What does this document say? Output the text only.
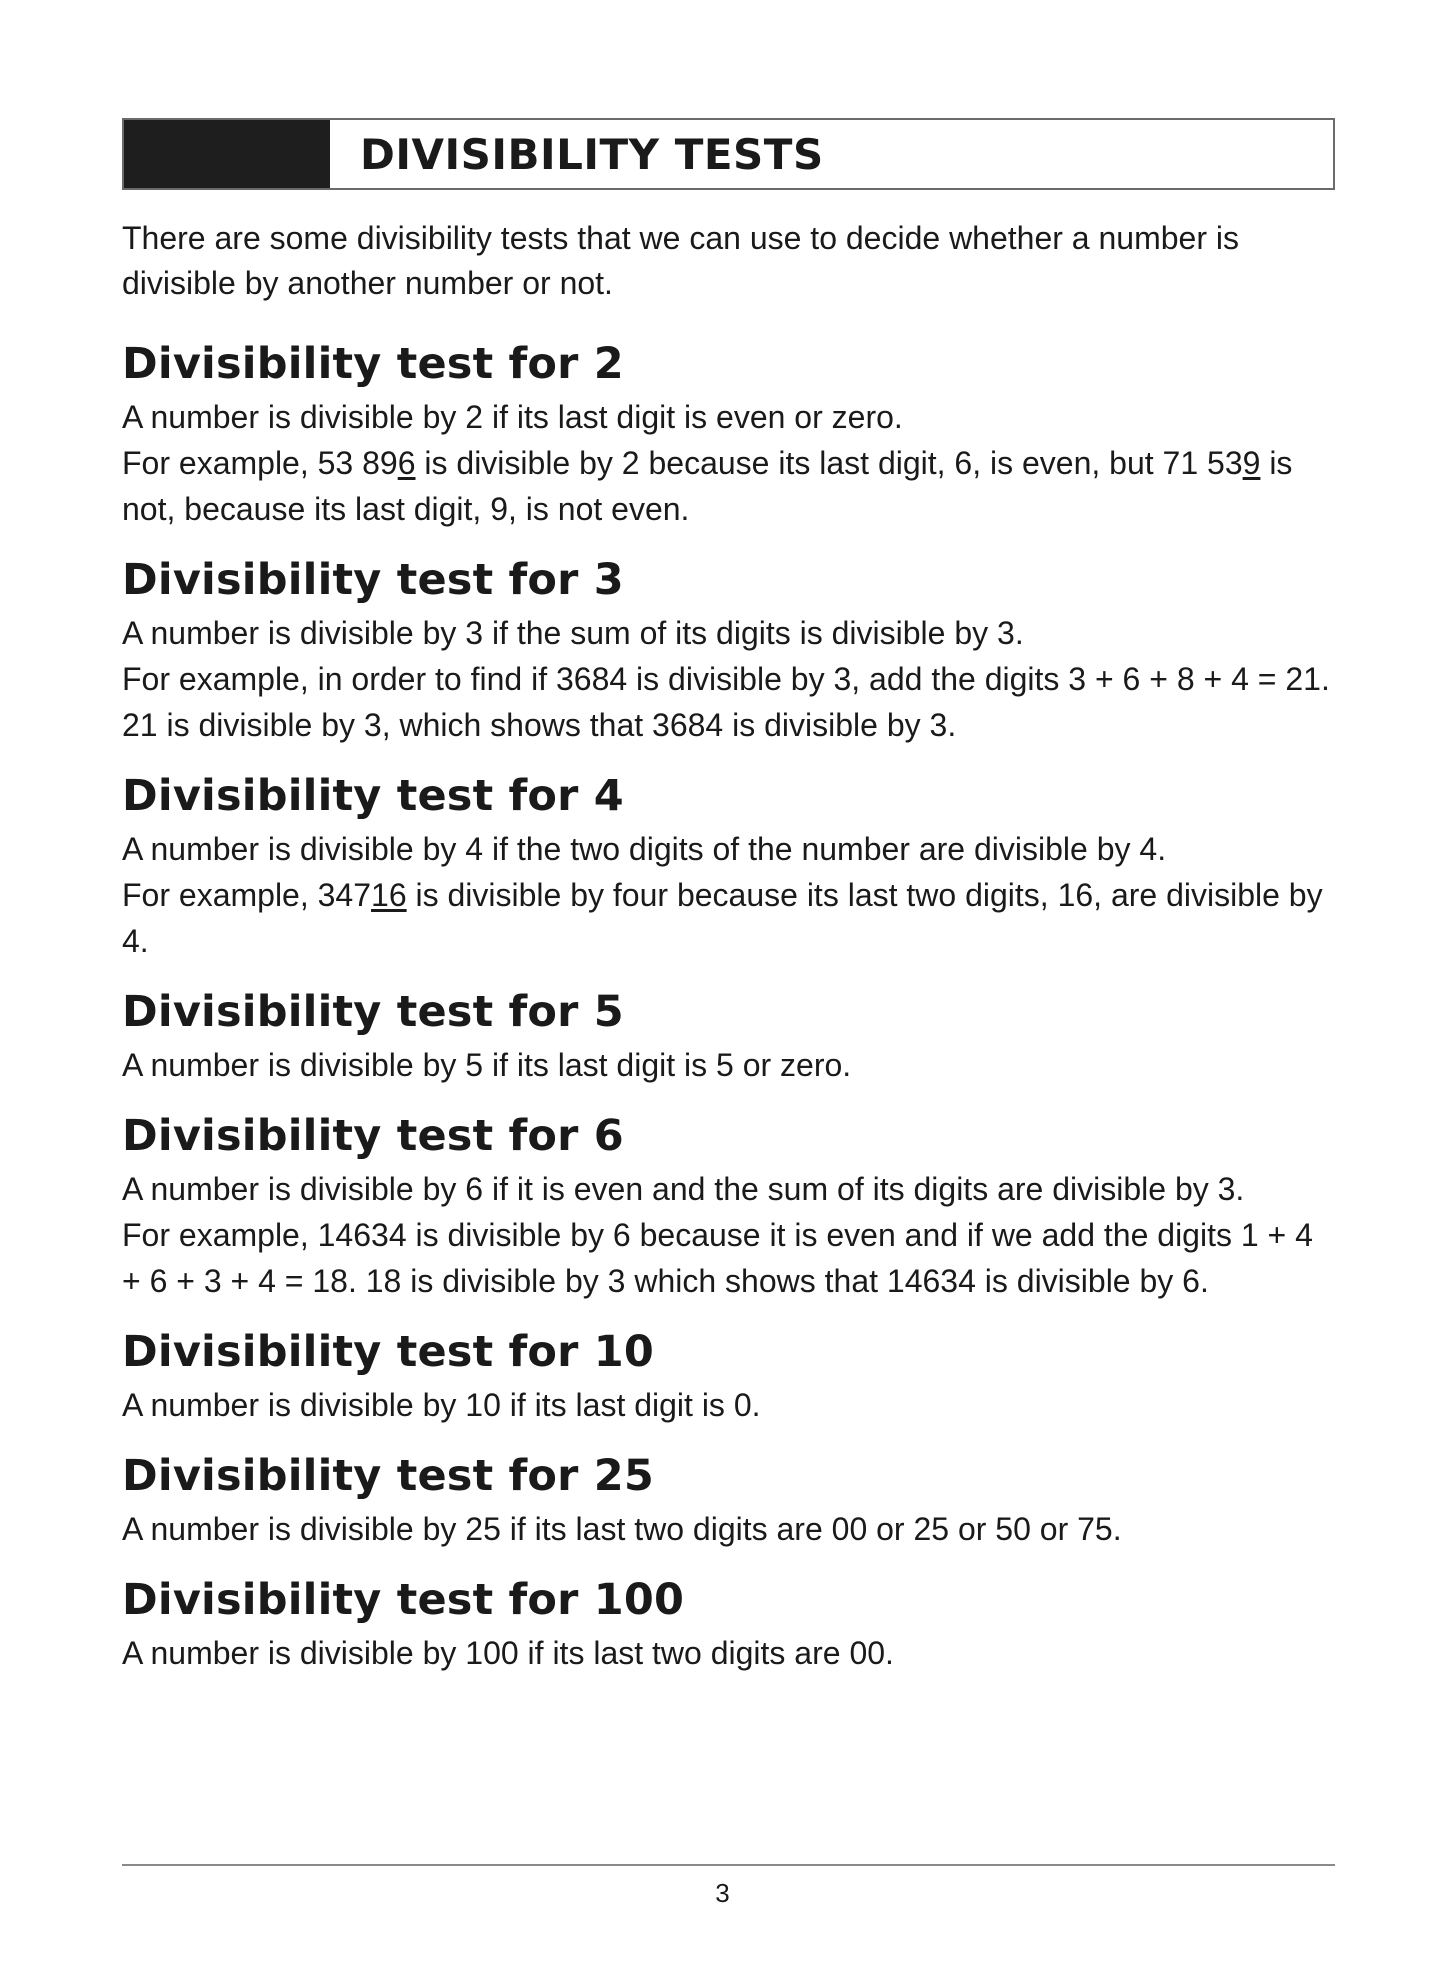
DIVISIBILITY TESTS

There are some divisibility tests that we can use to decide whether a number is divisible by another number or not.

Divisibility test for 2

A number is divisible by 2 if its last digit is even or zero.

For example, 53 896 is divisible by 2 because its last digit, 6, is even, but 71 539 is not, because its last digit, 9, is not even.

Divisibility test for 3

A number is divisible by 3 if the sum of its digits is divisible by 3.

For example, in order to find if 3684 is divisible by 3, add the digits 3 + 6 + 8 + 4 = 21. 21 is divisible by 3, which shows that 3684 is divisible by 3.

Divisibility test for 4

A number is divisible by 4 if the two digits of the number are divisible by 4.

For example, 34716 is divisible by four because its last two digits, 16, are divisible by 4.

Divisibility test for 5

A number is divisible by 5 if its last digit is 5 or zero.

Divisibility test for 6

A number is divisible by 6 if it is even and the sum of its digits are divisible by 3.

For example, 14634 is divisible by 6 because it is even and if we add the digits 1 + 4 + 6 + 3 + 4 = 18. 18 is divisible by 3 which shows that 14634 is divisible by 6.

Divisibility test for 10

A number is divisible by 10 if its last digit is 0.

Divisibility test for 25

A number is divisible by 25 if its last two digits are 00 or 25 or 50 or 75.

Divisibility test for 100

A number is divisible by 100 if its last two digits are 00.

3
